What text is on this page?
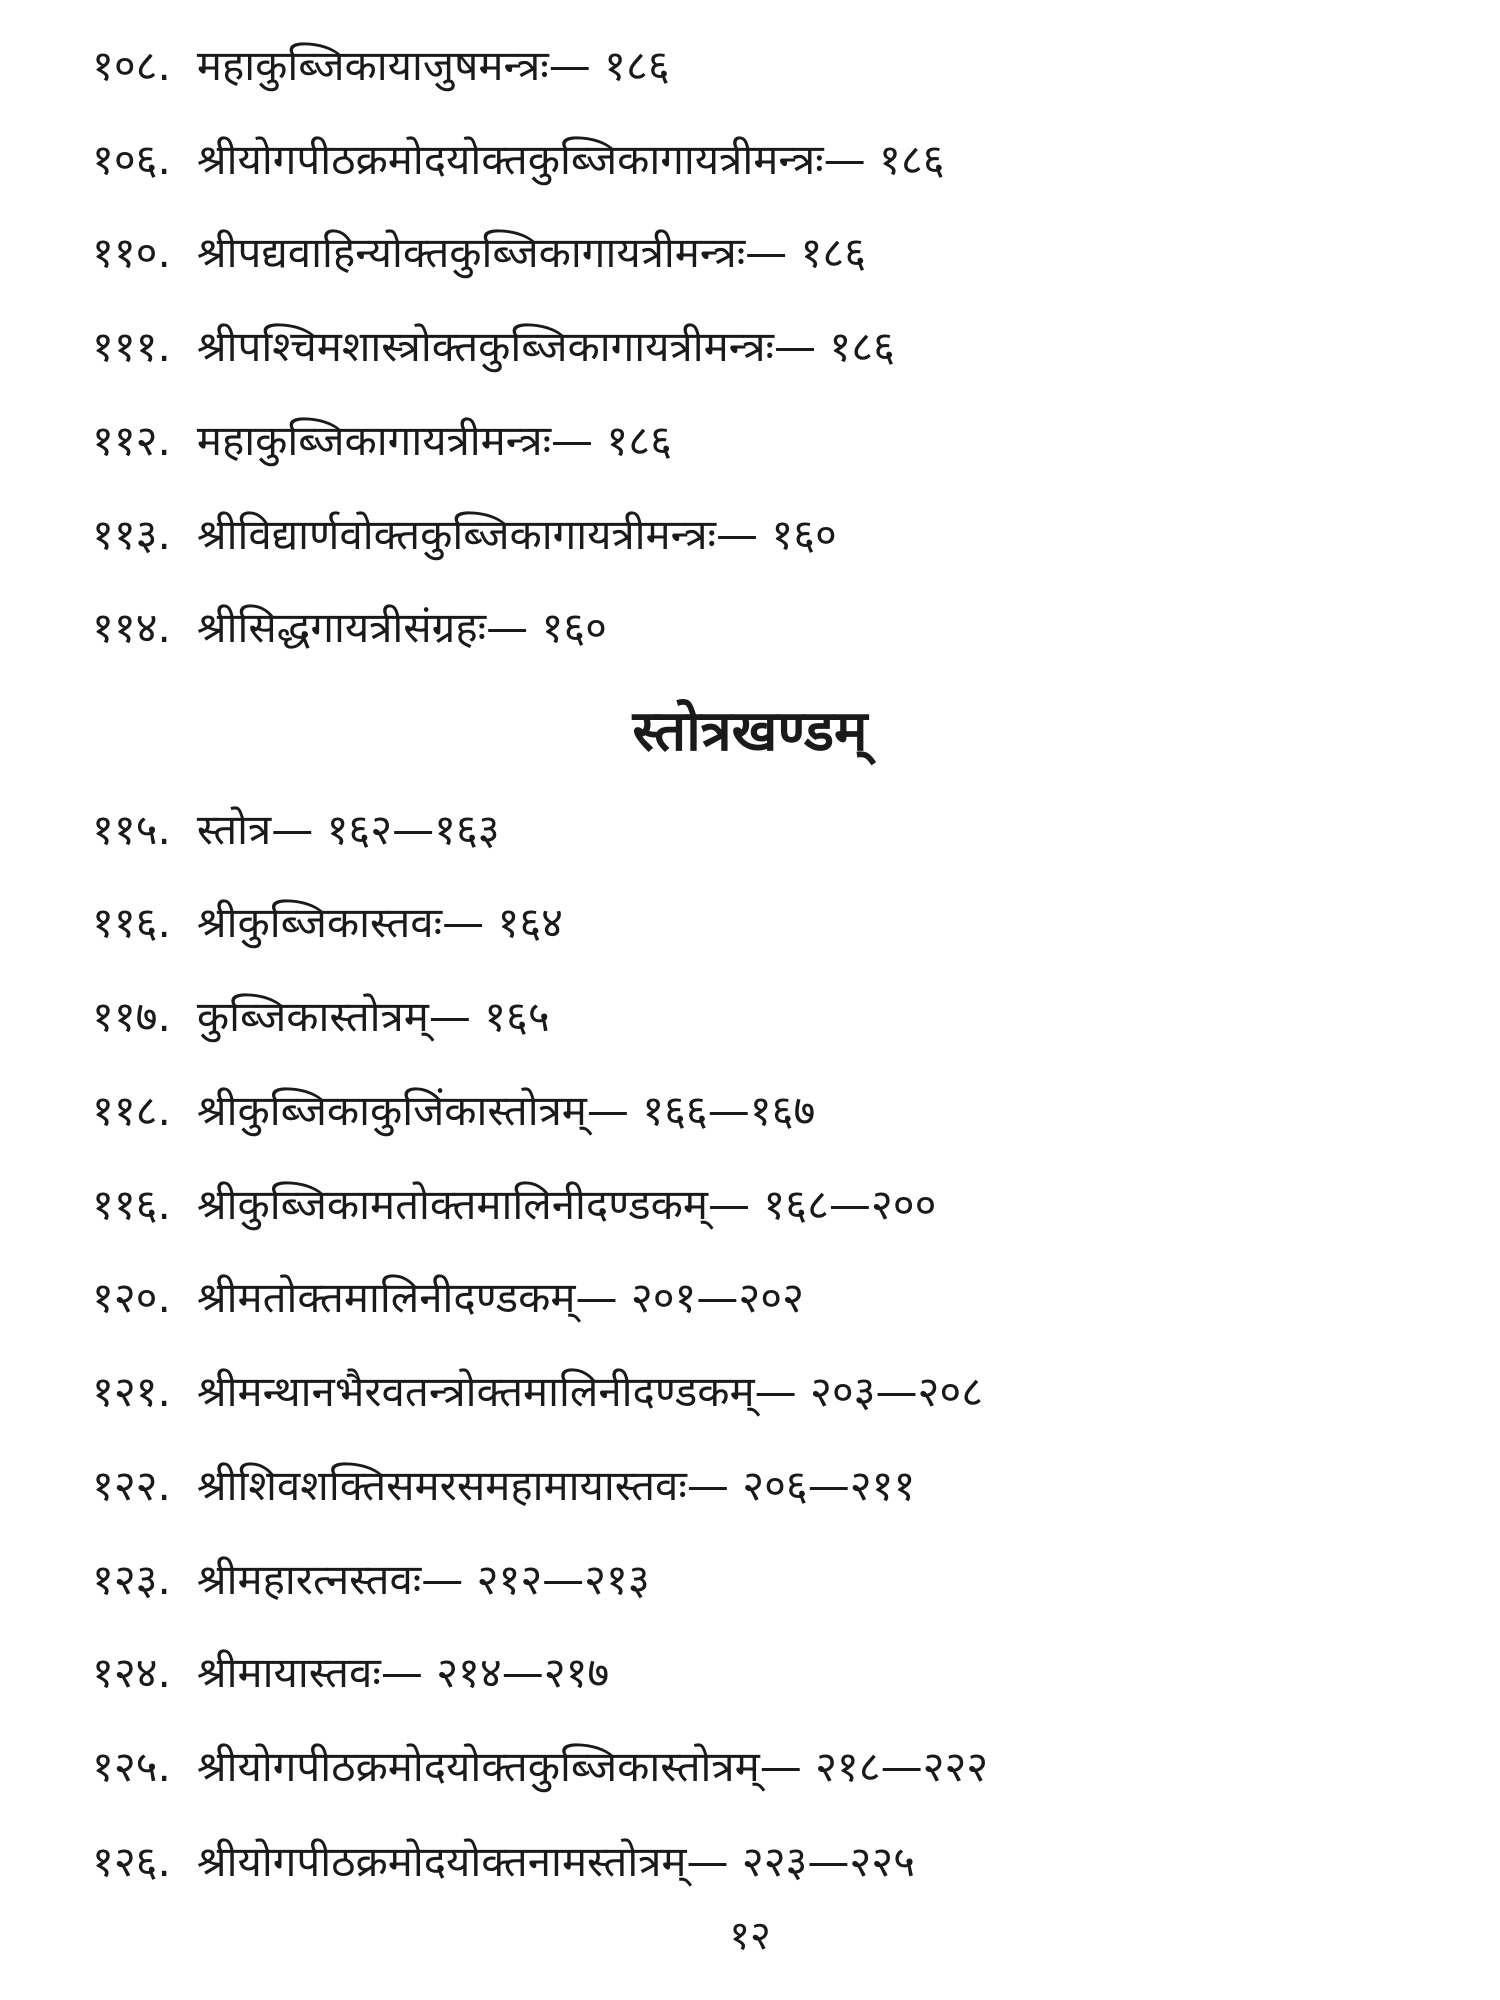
१०८. महाकुब्जिकायाजुषमन्त्रः— १८६
१०६. श्रीयोगपीठक्रमोदयोक्तकुब्जिकागायत्रीमन्त्रः— १८६
११०. श्रीपद्यवाहिन्योक्तकुब्जिकागायत्रीमन्त्रः— १८६
१११. श्रीपश्चिमशास्त्रोक्तकुब्जिकागायत्रीमन्त्रः— १८६
११२. महाकुब्जिकागायत्रीमन्त्रः— १८६
११३. श्रीविद्यार्णवोक्तकुब्जिकागायत्रीमन्त्रः— १६०
११४. श्रीसिद्धगायत्रीसंग्रहः— १६०
स्तोत्रखण्डम्
११५. स्तोत्र— १६२—१६३
११६. श्रीकुब्जिकास्तवः— १६४
११७. कुब्जिकास्तोत्रम्— १६५
११८. श्रीकुब्जिकाकुजिंकास्तोत्रम्— १६६—१६७
११६. श्रीकुब्जिकामतोक्तमालिनीदण्डकम्— १६८—२००
१२०. श्रीमतोक्तमालिनीदण्डकम्— २०१—२०२
१२१. श्रीमन्थानभैरवतन्त्रोक्तमालिनीदण्डकम्— २०३—२०८
१२२. श्रीशिवशक्तिसमरसमहामायास्तवः— २०६—२११
१२३. श्रीमहारत्नस्तवः— २१२—२१३
१२४. श्रीमायास्तवः— २१४—२१७
१२५. श्रीयोगपीठक्रमोदयोक्तकुब्जिकास्तोत्रम्— २१८—२२२
१२६. श्रीयोगपीठक्रमोदयोक्तनामस्तोत्रम्— २२३—२२५
१२
